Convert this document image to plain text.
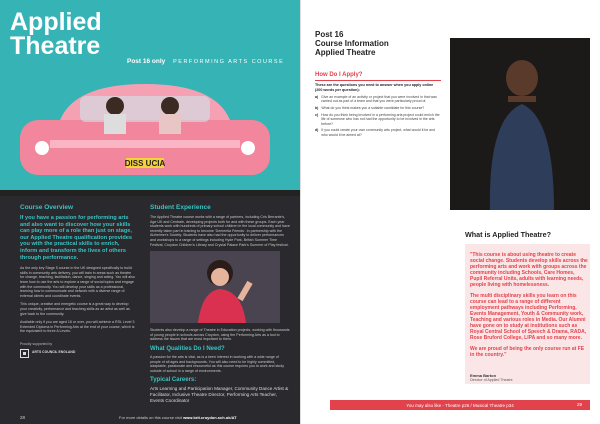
Applied
Theatre
Post 16 only PERFORMING ARTS COURSE
DISS UCIA
Course Overview
If you have a passion for performing arts and also want to discover how your skills can play more of a role than just on stage, our Applied Theatre qualification provides you with the practical skills to enrich, inform and transform the lives of others through performance.
As the only key Stage 5 course in the UK designed specifically to build skills in community arts delivery, you will train in areas such as theatre for change, teaching, facilitation, dance, singing and acting. You will also learn how to use the arts to explore a range of social topics and engage with the community. You will develop your skills as a professional, learning how to communicate and network with a diverse range of external clients and coordinate events.
This unique, creative and energetic course is a great way to develop your creativity, performance and teaching skills as an artist as well as give back to the community.
Available only if you are aged 16 or over, you will achieve a RSL Level 3 Extended Diploma in Performing Arts at the end of your course, which is the equivalent to three A Levels.
Proudly supported by
ARTS COUNCIL ENGLAND
Student Experience
The Applied Theatre course works with a range of partners, including Cris Berrante's, Age UK and Centrale, developing projects both for and with these groups. Each year students work with hundreds of primary school children in the local community and have recently taken part in training to become 'Dementia Friends'. In partnership with the Alzheimer's Society. Students have also had the opportunity to deliver performances and workshops to a range of settings including Hyde Park, British Summer Time Festival, Croydon Children's Library and Crystal Palace Park's Summer of Play festival.
Students also develop a range of Theatre in Education projects, working with thousands of young people in schools across Croydon, using the Performing Arts as a tool to address the issues that are most important to them.
What Qualities Do I Need?
A passion for the arts is vital, as is a keen interest in working with a wide range of people of all ages and backgrounds. You will also need to be highly committed, adaptable, passionate and resourceful as this course requires you to work and study outside of school in a range of environments.
Typical Careers:
Arts Learning and Participation Manager, Community Dance Artist & Facilitator, Inclusive Theatre Director, Performing Arts Teacher, Events Coordinator
28	For more details on this course visit www.brit.croydon.sch.uk/AT
Post 16
Course Information
Applied Theatre
How Do I Apply?
These are the questions you need to answer when you apply online (200 words per question):
a) Give an example of an activity or project that you were involved in that was carried out as part of a team and that you were particularly proud of.
b) What do you think makes you a suitable candidate for this course?
c) How do you think being involved in a performing arts project could enrich the life of someone who has not had the opportunity to be involved in the arts before?
d) If you could create your own community arts project, what would it be and who would it be aimed at?
What is Applied Theatre?

"This course is about using theatre to create social change. Students develop skills across the performing arts and work with groups across the community including Schools, Care Homes, Pupil Referral Units, adults with learning needs, people living with homelessness.

The multi disciplinary skills you learn on this course can lead to a range of different employment pathways including Performing, Events Management, Youth & Community work, Teaching and various roles in Media. Our Alumni have gone on to study at institutions such as Royal Central School of Speech & Drama, RADA, Rose Bruford College, LIPA and so many more.

We are proud of being the only course run at FE in the country."

Emma Barton
Director of Applied Theatre
You may also like - Theatre p26 / Musical Theatre p34	29
